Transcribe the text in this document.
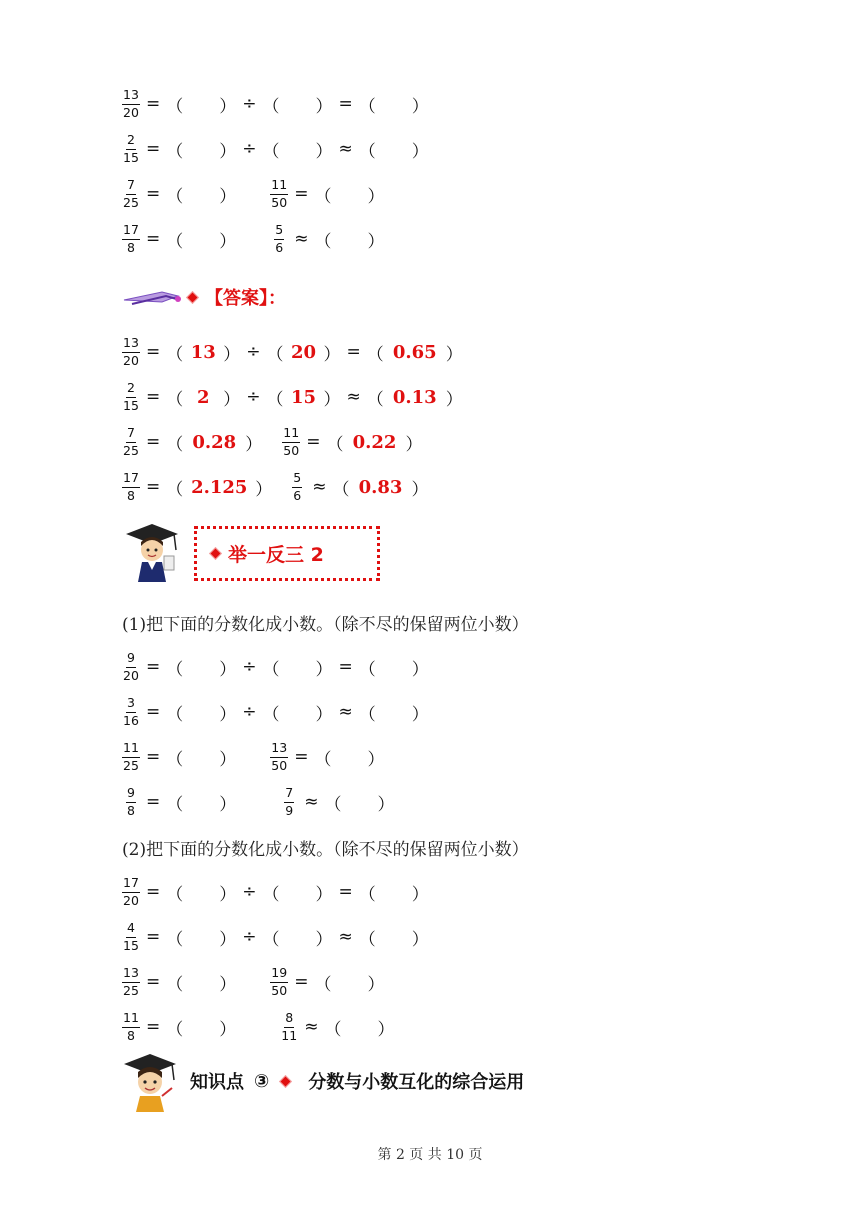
$\frac{13}{20}$ = （ ） ÷ （ ） = （ ）
$\frac{2}{15}$ = （ ） ÷ （ ） ≈ （ ）
$\frac{7}{25}$ = （ ）	$\frac{11}{50}$ = （ ）
$\frac{17}{8}$ = （ ）	$\frac{5}{6}$ ≈ （ ）
【答案】：
$\frac{13}{20}$ = （ 13 ） ÷ （ 20 ） = （ 0.65 ）
$\frac{2}{15}$ = （ 2 ） ÷ （ 15 ） ≈ （ 0.13 ）
$\frac{7}{25}$ = （ 0.28 ） $\frac{11}{50}$ = （ 0.22 ）
$\frac{17}{8}$ = （ 2.125 ） $\frac{5}{6}$ ≈ （ 0.83 ）
举一反三 2
(1)把下面的分数化成小数。（除不尽的保留两位小数）
$\frac{9}{20}$ = （ ） ÷ （ ） = （ ）
$\frac{3}{16}$ = （ ） ÷ （ ） ≈ （ ）
$\frac{11}{25}$ = （ ）	$\frac{13}{50}$ = （ ）
$\frac{9}{8}$ = （ ）	$\frac{7}{9}$ ≈ （ ）
(2)把下面的分数化成小数。（除不尽的保留两位小数）
$\frac{17}{20}$ = （ ） ÷ （ ） = （ ）
$\frac{4}{15}$ = （ ） ÷ （ ） ≈ （ ）
$\frac{13}{25}$ = （ ）	$\frac{19}{50}$ = （ ）
$\frac{11}{8}$ = （ ）	$\frac{8}{11}$ ≈ （ ）
知识点 ③ 分数与小数互化的综合运用
第 2 页 共 10 页
